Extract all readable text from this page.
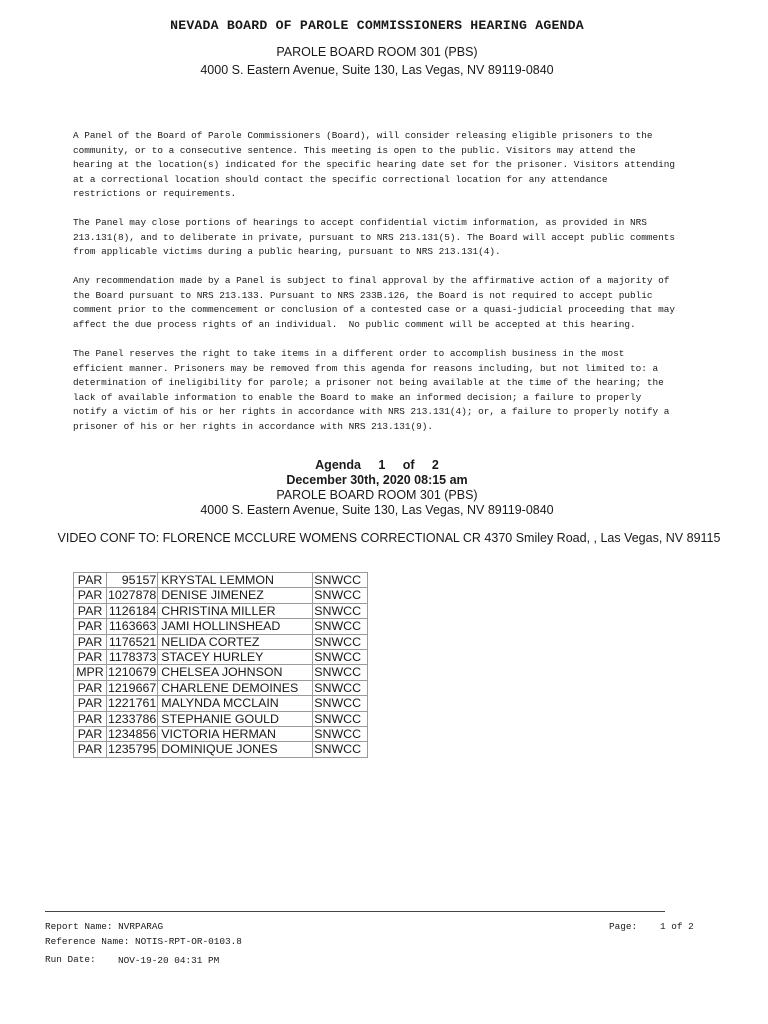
NEVADA BOARD OF PAROLE COMMISSIONERS HEARING AGENDA
PAROLE BOARD ROOM 301 (PBS)
4000 S. Eastern Avenue, Suite 130, Las Vegas, NV 89119-0840

A Panel of the Board of Parole Commissioners (Board), will consider releasing eligible prisoners to the
community, or to a consecutive sentence. This meeting is open to the public. Visitors may attend the
hearing at the location(s) indicated for the specific hearing date set for the prisoner. Visitors attending
at a correctional location should contact the specific correctional location for any attendance
restrictions or requirements.

The Panel may close portions of hearings to accept confidential victim information, as provided in NRS
213.131(8), and to deliberate in private, pursuant to NRS 213.131(5). The Board will accept public comments
from applicable victims during a public hearing, pursuant to NRS 213.131(4).

Any recommendation made by a Panel is subject to final approval by the affirmative action of a majority of
the Board pursuant to NRS 213.133. Pursuant to NRS 233B.126, the Board is not required to accept public
comment prior to the commencement or conclusion of a contested case or a quasi-judicial proceeding that may
affect the due process rights of an individual.  No public comment will be accepted at this hearing.

The Panel reserves the right to take items in a different order to accomplish business in the most
efficient manner. Prisoners may be removed from this agenda for reasons including, but not limited to: a
determination of ineligibility for parole; a prisoner not being available at the time of the hearing; the
lack of available information to enable the Board to make an informed decision; a failure to properly
notify a victim of his or her rights in accordance with NRS 213.131(4); or, a failure to properly notify a
prisoner of his or her rights in accordance with NRS 213.131(9).

Agenda 1 of 2
December 30th, 2020 08:15 am
PAROLE BOARD ROOM 301 (PBS)
4000 S. Eastern Avenue, Suite 130, Las Vegas, NV 89119-0840
VIDEO CONF TO: FLORENCE MCCLURE WOMENS CORRECTIONAL CR 4370 Smiley Road, , Las Vegas, NV 89115
PAR	95157	KRYSTAL LEMMON	SNWCC
PAR	1027878	DENISE JIMENEZ	SNWCC
PAR	1126184	CHRISTINA MILLER	SNWCC
PAR	1163663	JAMI HOLLINSHEAD	SNWCC
PAR	1176521	NELIDA CORTEZ	SNWCC
PAR	1178373	STACEY HURLEY	SNWCC
MPR	1210679	CHELSEA JOHNSON	SNWCC
PAR	1219667	CHARLENE DEMOINES	SNWCC
PAR	1221761	MALYNDA MCCLAIN	SNWCC
PAR	1233786	STEPHANIE GOULD	SNWCC
PAR	1234856	VICTORIA HERMAN	SNWCC
PAR	1235795	DOMINIQUE JONES	SNWCC
Report Name: NVRPARAG
Reference Name: NOTIS-RPT-OR-0103.8
Run Date: NOV-19-20 04:31 PM
Page: 1 of 2
